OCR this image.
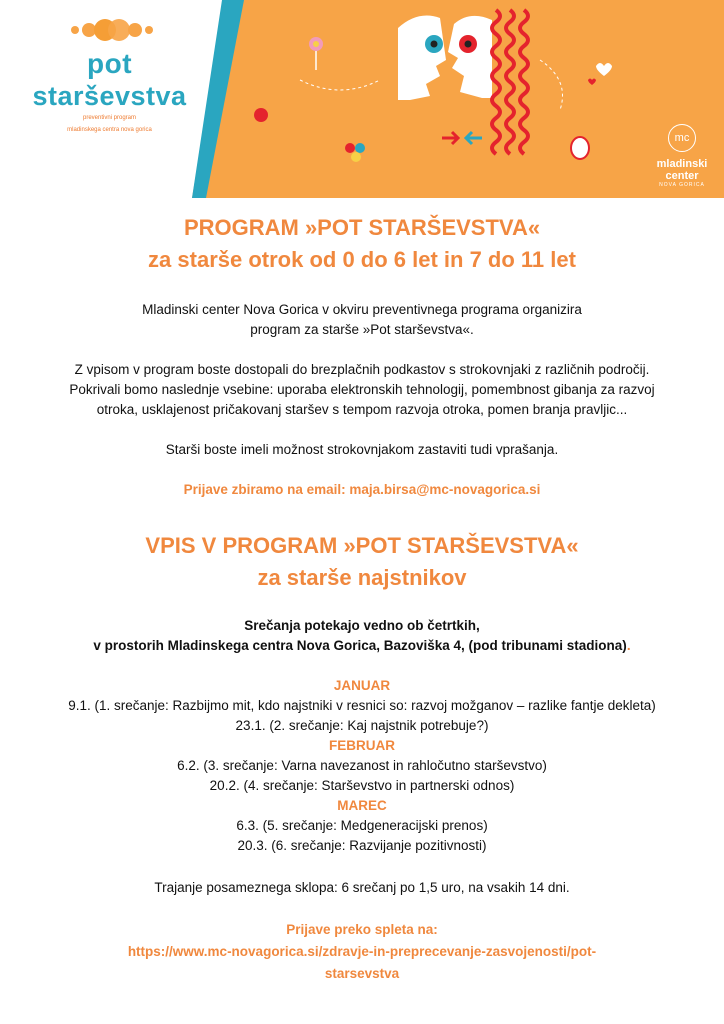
pot
starševstva
preventivni program
mladinskega centra nova gorica
mc
mladinski center
NOVA GORICA
PROGRAM »POT STARŠEVSTVA«
za starše otrok od 0 do 6 let in 7 do 11 let

Mladinski center Nova Gorica v okviru preventivnega programa organizira

program za starše »Pot starševstva«.

Z vpisom v program boste dostopali do brezplačnih podkastov s strokovnjaki z različnih področij.

Pokrivali bomo naslednje vsebine: uporaba elektronskih tehnologij, pomembnost gibanja za razvoj

otroka, usklajenost pričakovanj staršev s tempom razvoja otroka, pomen branja pravljic...

Starši boste imeli možnost strokovnjakom zastaviti tudi vprašanja.

Prijave zbiramo na email: maja.birsa@mc-novagorica.si

VPIS V PROGRAM »POT STARŠEVSTVA«
za starše najstnikov

Srečanja potekajo vedno ob četrtkih,

v prostorih Mladinskega centra Nova Gorica, Bazoviška 4, (pod tribunami stadiona).

JANUAR

9.1. (1. srečanje: Razbijmo mit, kdo najstniki v resnici so: razvoj možganov – razlike fantje dekleta)

23.1. (2. srečanje: Kaj najstnik potrebuje?)

FEBRUAR

6.2. (3. srečanje: Varna navezanost in rahločutno starševstvo)

20.2. (4. srečanje: Starševstvo in partnerski odnos)

MAREC

6.3. (5. srečanje: Medgeneracijski prenos)

20.3. (6. srečanje: Razvijanje pozitivnosti)

Trajanje posameznega sklopa: 6 srečanj po 1,5 uro, na vsakih 14 dni.

Prijave preko spleta na:

https://www.mc-novagorica.si/zdravje-in-preprecevanje-zasvojenosti/pot-

starsevstva
